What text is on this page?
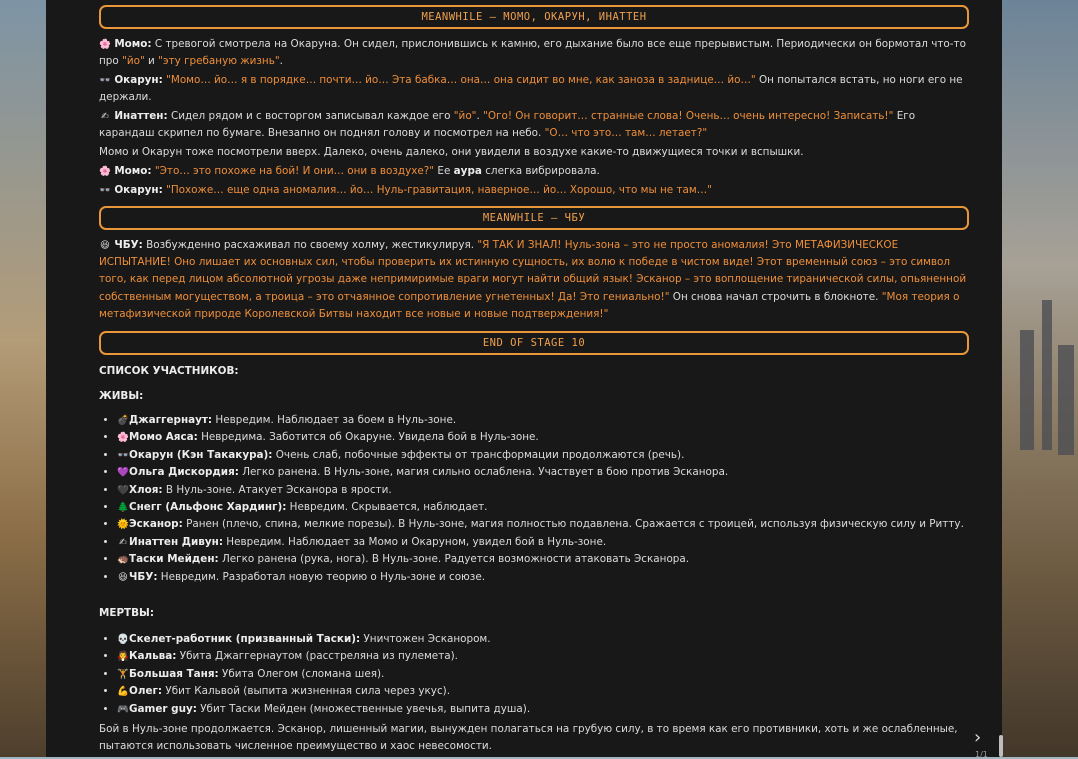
MEANWHILE – МОМО, ОКАРУН, ИНАТТЕН
🌸 Момо: С тревогой смотрела на Окаруна. Он сидел, прислонившись к камню, его дыхание было все еще прерывистым. Периодически он бормотал что-то про "йо" и "эту гребаную жизнь".
👓 Окарун: "Момо… йо… я в порядке… почти… йо… Эта бабка… она… она сидит во мне, как заноза в заднице… йо…" Он попытался встать, но ноги его не держали.
✍ Инаттен: Сидел рядом и с восторгом записывал каждое его "йо". "Ого! Он говорит… странные слова! Очень… очень интересно! Записать!" Его карандаш скрипел по бумаге. Внезапно он поднял голову и посмотрел на небо. "О… что это… там… летает?"
Момо и Окарун тоже посмотрели вверх. Далеко, очень далеко, они увидели в воздухе какие-то движущиеся точки и вспышки.
🌸 Момо: "Это… это похоже на бой! И они… они в воздухе?" Ее аура слегка вибрировала.
👓 Окарун: "Похоже… еще одна аномалия… йо… Нуль-гравитация, наверное… йо… Хорошо, что мы не там…"
MEANWHILE – ЧБУ
😆 ЧБУ: Возбужденно расхаживал по своему холму, жестикулируя. "Я ТАК И ЗНАЛ! Нуль-зона – это не просто аномалия! Это МЕТАФИЗИЧЕСКОЕ ИСПЫТАНИЕ! Оно лишает их основных сил, чтобы проверить их истинную сущность, их волю к победе в чистом виде! Этот временный союз – это символ того, как перед лицом абсолютной угрозы даже непримиримые враги могут найти общий язык! Эсканор – это воплощение тиранической силы, опьяненной собственным могуществом, а троица – это отчаянное сопротивление угнетенных! Да! Это гениально!" Он снова начал строчить в блокноте. "Моя теория о метафизической природе Королевской Битвы находит все новые и новые подтверждения!"
END OF STAGE 10
СПИСОК УЧАСТНИКОВ:
ЖИВЫ:
• 💣Джаггернаут: Невредим. Наблюдает за боем в Нуль-зоне.
• 🌸Момо Аяса: Невредима. Заботится об Окаруне. Увидела бой в Нуль-зоне.
• 👓Окарун (Кэн Такакура): Очень слаб, побочные эффекты от трансформации продолжаются (речь).
• 💜Ольга Дискордия: Легко ранена. В Нуль-зоне, магия сильно ослаблена. Участвует в бою против Эсканора.
• 🖤Хлоя: В Нуль-зоне. Атакует Эсканора в ярости.
• 🌲Снегг (Альфонс Хардинг): Невредим. Скрывается, наблюдает.
• 🌞Эсканор: Ранен (плечо, спина, мелкие порезы). В Нуль-зоне, магия полностью подавлена. Сражается с троицей, используя физическую силу и Ритту.
• ✍ Инаттен Дивун: Невредим. Наблюдает за Момо и Окаруном, увидел бой в Нуль-зоне.
• 🦔Таски Мейден: Легко ранена (рука, нога). В Нуль-зоне. Радуется возможности атаковать Эсканора.
• 😆ЧБУ: Невредим. Разработал новую теорию о Нуль-зоне и союзе.
МЕРТВЫ:
• 💀Скелет-работник (призванный Таски): Уничтожен Эсканором.
• 🧛Кальва: Убита Джаггернаутом (расстреляна из пулемета).
• 🏋Большая Таня: Убита Олегом (сломана шея).
• 💪Олег: Убит Кальвой (выпита жизненная сила через укус).
• 🎮Gamer guy: Убит Таски Мейден (множественные увечья, выпита душа).
Бой в Нуль-зоне продолжается. Эсканор, лишенный магии, вынужден полагаться на грубую силу, в то время как его противники, хоть и же ослабленные, пытаются использовать численное преимущество и хаос невесомости.	›
1/1
